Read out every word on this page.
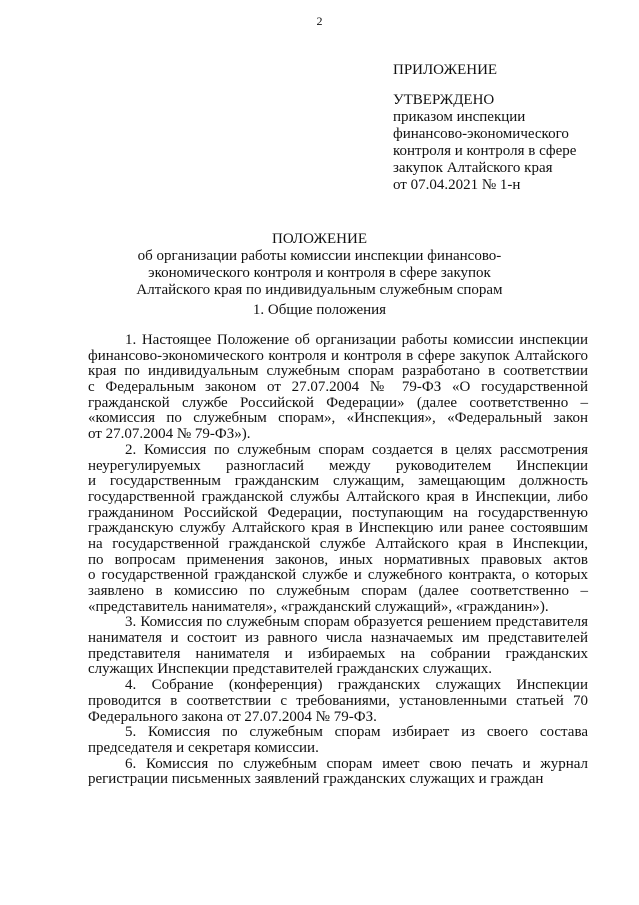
2
ПРИЛОЖЕНИЕ
УТВЕРЖДЕНО
приказом инспекции
финансово-экономического
контроля и контроля в сфере
закупок Алтайского края
от 07.04.2021 № 1-н
ПОЛОЖЕНИЕ
об организации работы комиссии инспекции финансово-
экономического контроля и контроля в сфере закупок
Алтайского края по индивидуальным служебным спорам
1. Общие положения
1. Настоящее Положение об организации работы комиссии инспекции
финансово-экономического контроля и контроля в сфере закупок Алтайского
края по индивидуальным служебным спорам разработано в соответствии
с Федеральным законом от 27.07.2004 № 79-ФЗ «О государственной
гражданской службе Российской Федерации» (далее соответственно –
«комиссия по служебным спорам», «Инспекция», «Федеральный закон
от 27.07.2004 № 79-ФЗ»).
2. Комиссия по служебным спорам создается в целях рассмотрения
неурегулируемых разногласий между руководителем Инспекции
и государственным гражданским служащим, замещающим должность
государственной гражданской службы Алтайского края в Инспекции, либо
гражданином Российской Федерации, поступающим на государственную
гражданскую службу Алтайского края в Инспекцию или ранее состоявшим
на государственной гражданской службе Алтайского края в Инспекции,
по вопросам применения законов, иных нормативных правовых актов
о государственной гражданской службе и служебного контракта, о которых
заявлено в комиссию по служебным спорам (далее соответственно –
«представитель нанимателя», «гражданский служащий», «гражданин»).
3. Комиссия по служебным спорам образуется решением представителя
нанимателя и состоит из равного числа назначаемых им представителей
представителя нанимателя и избираемых на собрании гражданских
служащих Инспекции представителей гражданских служащих.
4. Собрание (конференция) гражданских служащих Инспекции
проводится в соответствии с требованиями, установленными статьей 70
Федерального закона от 27.07.2004 № 79-ФЗ.
5. Комиссия по служебным спорам избирает из своего состава
председателя и секретаря комиссии.
6. Комиссия по служебным спорам имеет свою печать и журнал
регистрации письменных заявлений гражданских служащих и граждан
